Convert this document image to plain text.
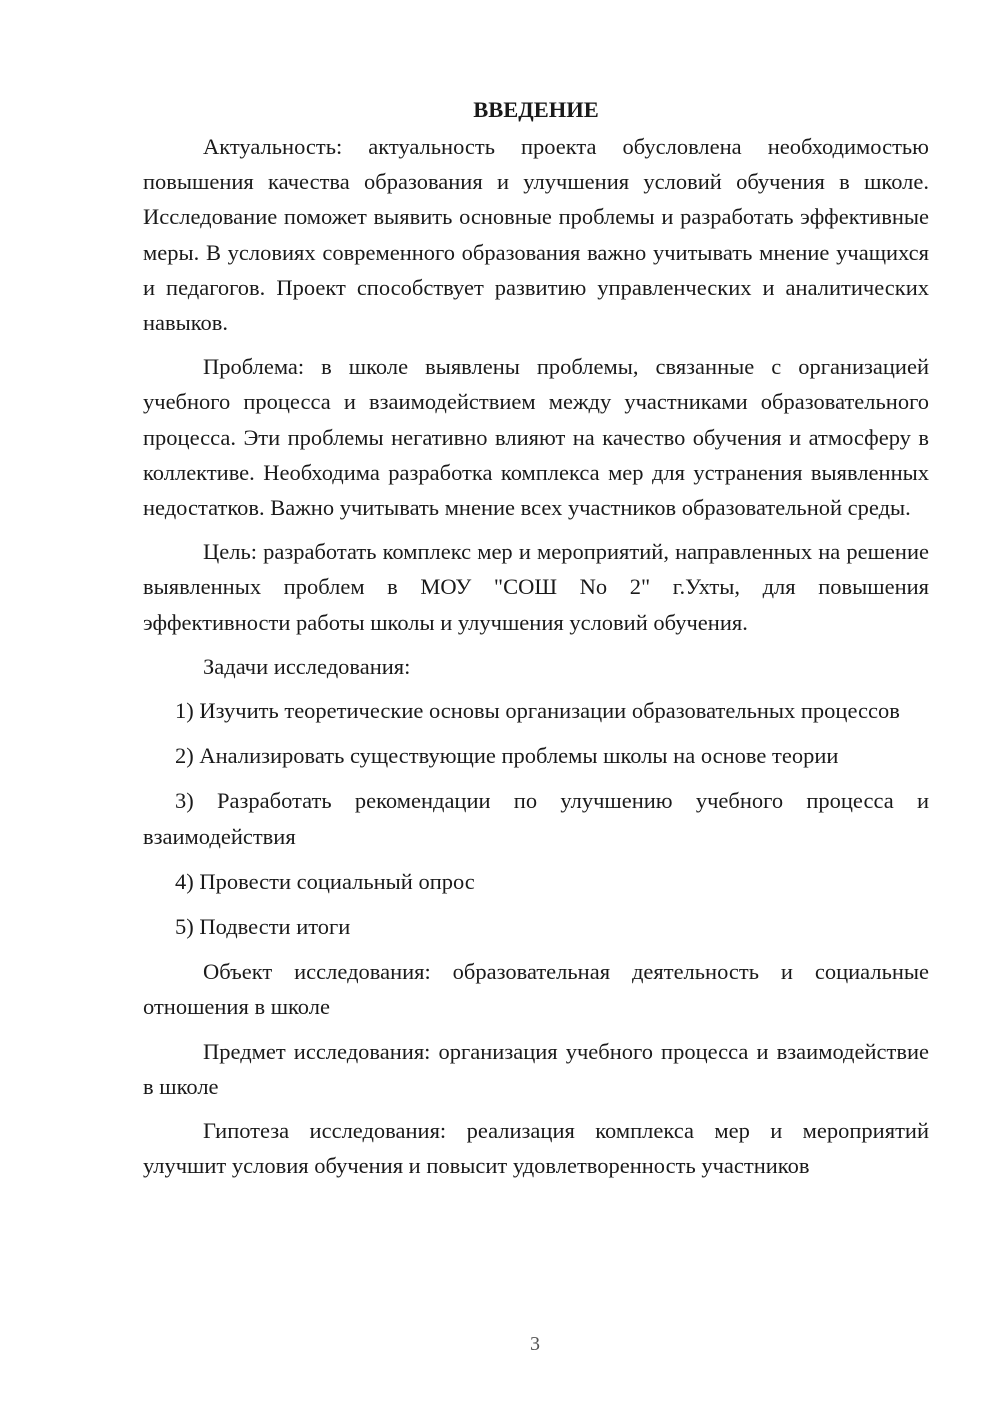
ВВЕДЕНИЕ

Актуальность: актуальность проекта обусловлена необходимостью повышения качества образования и улучшения условий обучения в школе. Исследование поможет выявить основные проблемы и разработать эффективные меры. В условиях современного образования важно учитывать мнение учащихся и педагогов. Проект способствует развитию управленческих и аналитических навыков.

Проблема: в школе выявлены проблемы, связанные с организацией учебного процесса и взаимодействием между участниками образовательного процесса. Эти проблемы негативно влияют на качество обучения и атмосферу в коллективе. Необходима разработка комплекса мер для устранения выявленных недостатков. Важно учитывать мнение всех участников образовательной среды.

Цель: разработать комплекс мер и мероприятий, направленных на решение выявленных проблем в МОУ "СОШ No 2" г.Ухты, для повышения эффективности работы школы и улучшения условий обучения.

Задачи исследования:

1) Изучить теоретические основы организации образовательных процессов

2) Анализировать существующие проблемы школы на основе теории

3) Разработать рекомендации по улучшению учебного процесса и взаимодействия

4) Провести социальный опрос

5) Подвести итоги

Объект исследования: образовательная деятельность и социальные отношения в школе

Предмет исследования: организация учебного процесса и взаимодействие в школе

Гипотеза исследования: реализация комплекса мер и мероприятий улучшит условия обучения и повысит удовлетворенность участников

3
